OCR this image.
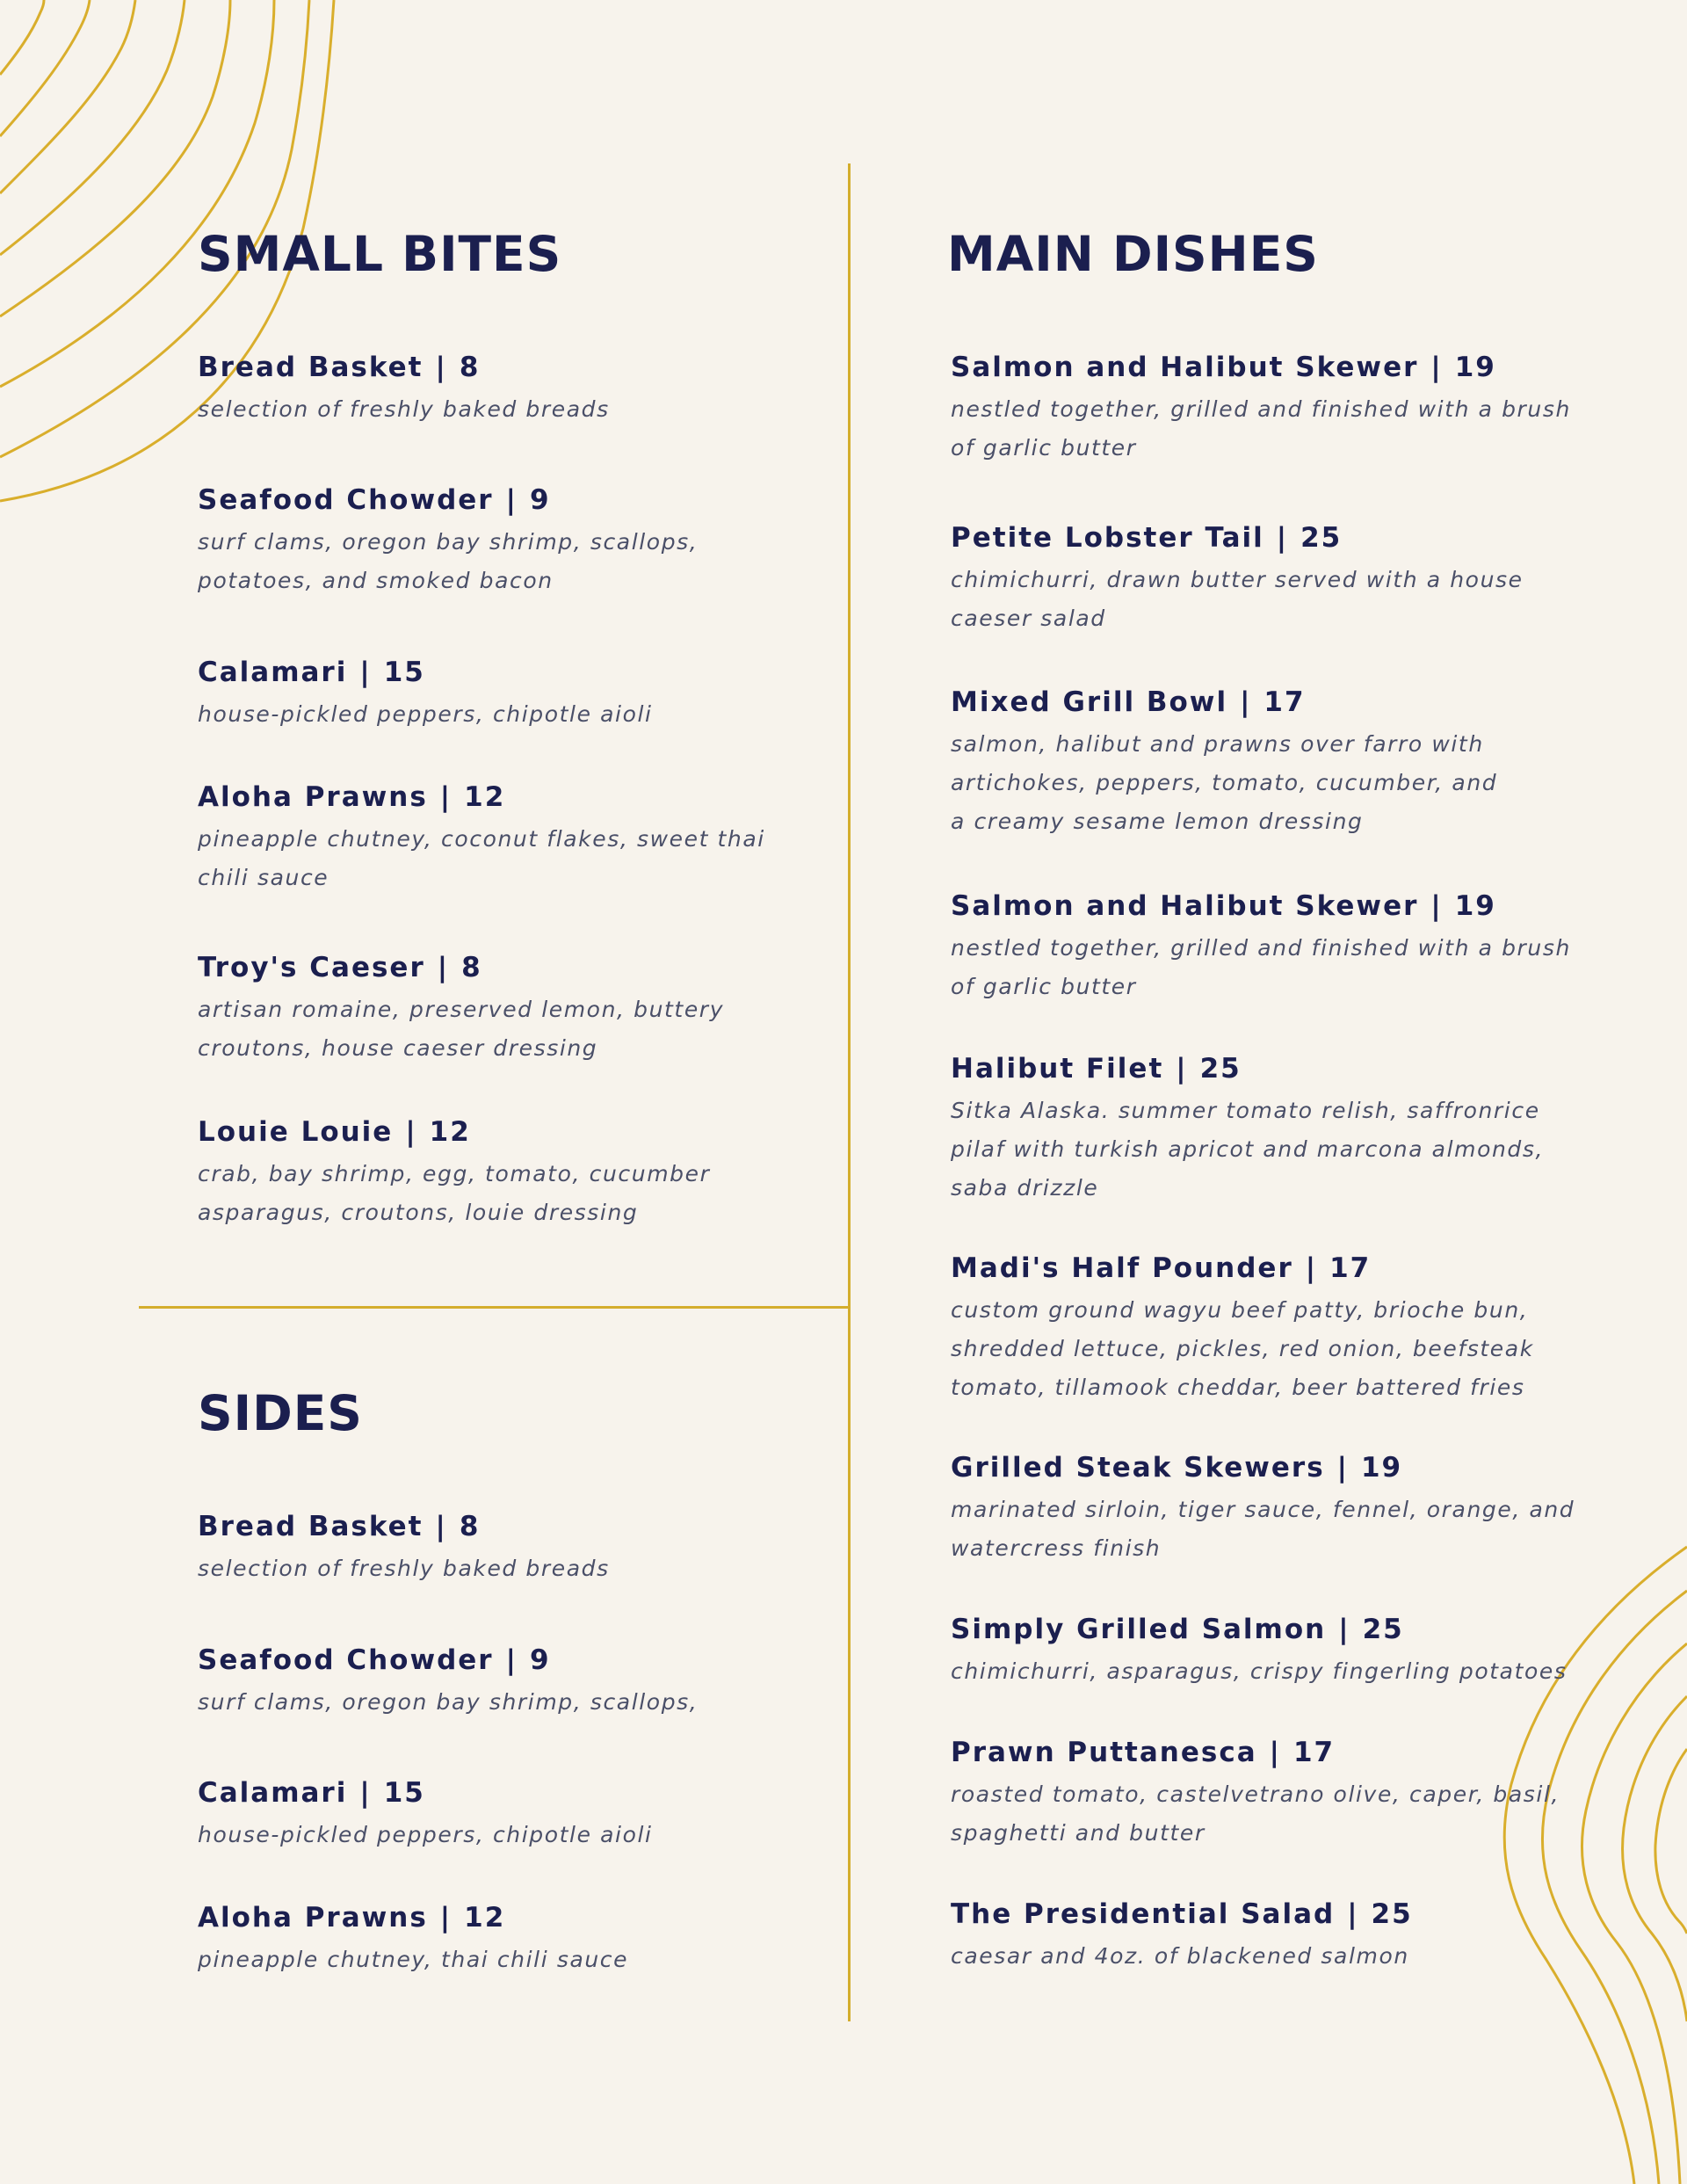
SMALL BITES
Bread Basket | 8
selection of freshly baked breads
Seafood Chowder | 9
surf clams, oregon bay shrimp, scallops,
potatoes, and smoked bacon
Calamari | 15
house-pickled peppers, chipotle aioli
Aloha Prawns | 12
pineapple chutney, coconut flakes, sweet thai
chili sauce
Troy's Caeser | 8
artisan romaine, preserved lemon, buttery
croutons, house caeser dressing
Louie Louie | 12
crab, bay shrimp, egg, tomato, cucumber
asparagus, croutons, louie dressing
SIDES
Bread Basket | 8
selection of freshly baked breads
Seafood Chowder | 9
surf clams, oregon bay shrimp, scallops,
Calamari | 15
house-pickled peppers, chipotle aioli
Aloha Prawns | 12
pineapple chutney, thai chili sauce
MAIN DISHES
Salmon and Halibut Skewer | 19
nestled together, grilled and finished with a brush
of garlic butter
Petite Lobster Tail | 25
chimichurri, drawn butter served with a house
caeser salad
Mixed Grill Bowl | 17
salmon, halibut and prawns over farro with
artichokes, peppers, tomato, cucumber, and
a creamy sesame lemon dressing
Salmon and Halibut Skewer | 19
nestled together, grilled and finished with a brush
of garlic butter
Halibut Filet | 25
Sitka Alaska. summer tomato relish, saffronrice
pilaf with turkish apricot and marcona almonds,
saba drizzle
Madi's Half Pounder | 17
custom ground wagyu beef patty, brioche bun,
shredded lettuce, pickles, red onion, beefsteak
tomato, tillamook cheddar, beer battered fries
Grilled Steak Skewers | 19
marinated sirloin, tiger sauce, fennel, orange, and
watercress finish
Simply Grilled Salmon | 25
chimichurri, asparagus, crispy fingerling potatoes
Prawn Puttanesca | 17
roasted tomato, castelvetrano olive, caper, basil,
spaghetti and butter
The Presidential Salad | 25
caesar and 4oz. of blackened salmon
